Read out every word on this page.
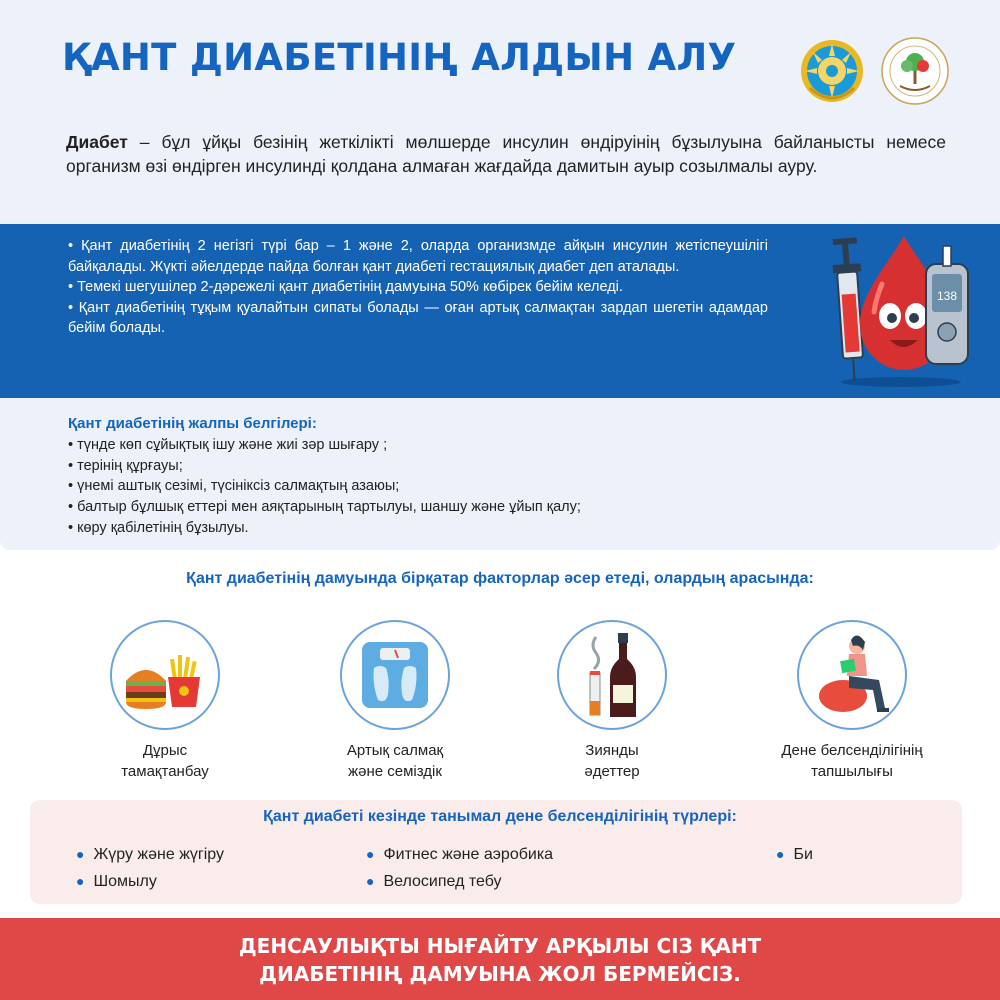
ҚАНТ ДИАБЕТІНІҢ АЛДЫН АЛУ

Диабет – бұл ұйқы безінің жеткілікті мөлшерде инсулин өндіруінің бұзылуына байланысты немесе организм өзі өндірген инсулинді қолдана алмаған жағдайда дамитын ауыр созылмалы ауру.

• Қант диабетінің 2 негізгі түрі бар – 1 және 2, оларда организмде айқын инсулин жетіспеушілігі байқалады. Жүкті әйелдерде пайда болған қант диабеті гестациялық диабет деп аталады.

• Темекі шегушілер 2-дәрежелі қант диабетінің дамуына 50% көбірек бейім келеді.

• Қант диабетінің тұқым қуалайтын сипаты болады — оған артық салмақтан зардап шегетін адамдар бейім болады.

138
Қант диабетінің жалпы белгілері:
• түнде көп сұйықтық ішу және жиі зәр шығару ;
• терінің құрғауы;
• үнемі аштық сезімі, түсініксіз салмақтың азаюы;
• балтыр бұлшық еттері мен аяқтарының тартылуы, шаншу және ұйып қалу;
• көру қабілетінің бұзылуы.
Қант диабетінің дамуында бірқатар факторлар әсер етеді, олардың арасында:
Дұрыс
тамақтанбау
Артық салмақ
және семіздік
Зиянды
әдеттер
Дене белсенділігінің
тапшылығы
Қант диабеті кезінде танымал дене белсенділігінің түрлері:
● Жүру және жүгіру
● Шомылу
● Фитнес және аэробика
● Велосипед тебу
● Би
ДЕНСАУЛЫҚТЫ НЫҒАЙТУ АРҚЫЛЫ СІЗ ҚАНТ
ДИАБЕТІНІҢ ДАМУЫНА ЖОЛ БЕРМЕЙСІЗ.
